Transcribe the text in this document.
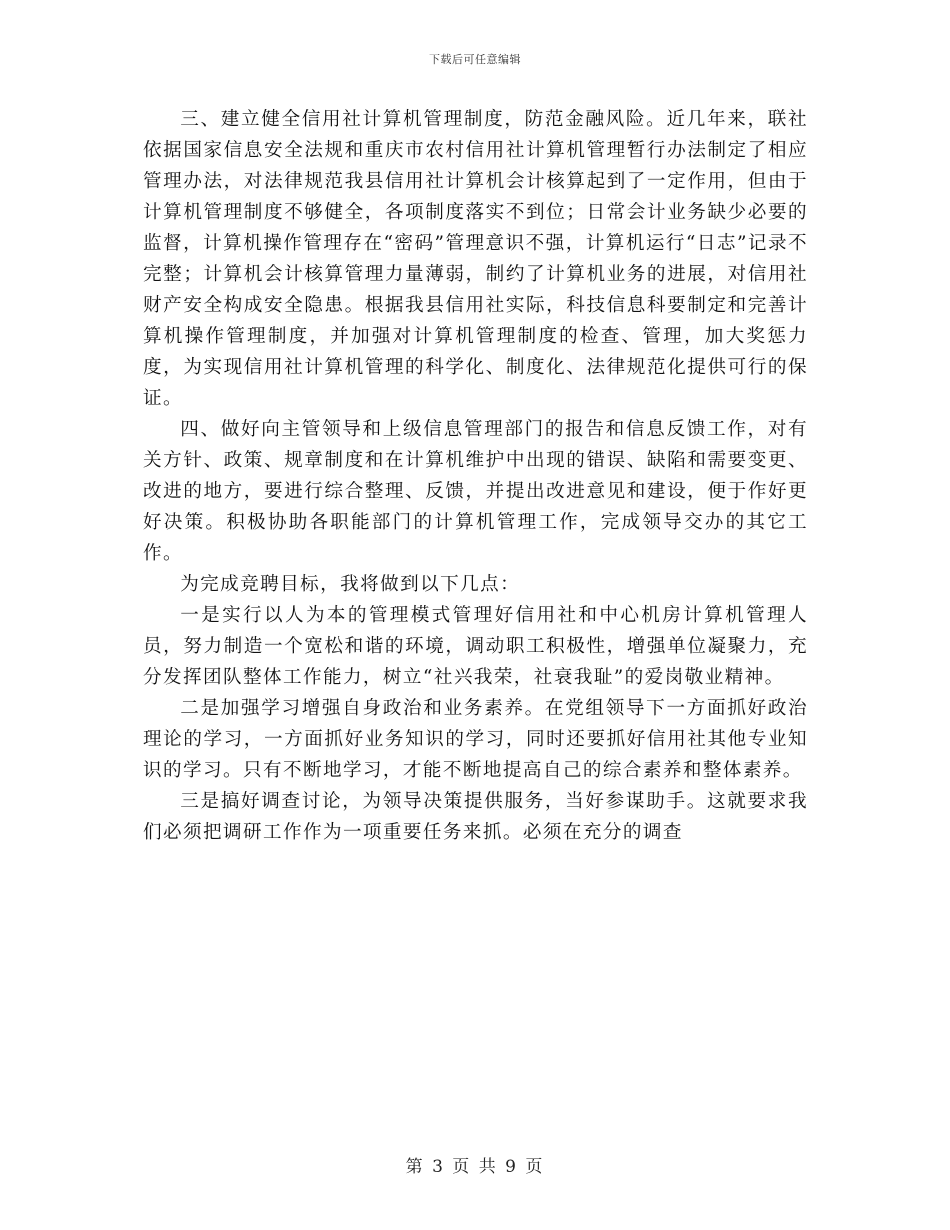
下载后可任意编辑

三、建立健全信用社计算机管理制度，防范金融风险。近几年来，联社依据国家信息安全法规和重庆市农村信用社计算机管理暂行办法制定了相应管理办法，对法律规范我县信用社计算机会计核算起到了一定作用，但由于计算机管理制度不够健全，各项制度落实不到位；日常会计业务缺少必要的监督，计算机操作管理存在“密码”管理意识不强，计算机运行“日志”记录不完整；计算机会计核算管理力量薄弱，制约了计算机业务的进展，对信用社财产安全构成安全隐患。根据我县信用社实际，科技信息科要制定和完善计算机操作管理制度，并加强对计算机管理制度的检查、管理，加大奖惩力度，为实现信用社计算机管理的科学化、制度化、法律规范化提供可行的保证。

四、做好向主管领导和上级信息管理部门的报告和信息反馈工作，对有关方针、政策、规章制度和在计算机维护中出现的错误、缺陷和需要变更、改进的地方，要进行综合整理、反馈，并提出改进意见和建设，便于作好更好决策。积极协助各职能部门的计算机管理工作，完成领导交办的其它工作。

为完成竞聘目标，我将做到以下几点：

一是实行以人为本的管理模式管理好信用社和中心机房计算机管理人员，努力制造一个宽松和谐的环境，调动职工积极性，增强单位凝聚力，充分发挥团队整体工作能力，树立“社兴我荣，社衰我耻”的爱岗敬业精神。

二是加强学习增强自身政治和业务素养。在党组领导下一方面抓好政治理论的学习，一方面抓好业务知识的学习，同时还要抓好信用社其他专业知识的学习。只有不断地学习，才能不断地提高自己的综合素养和整体素养。

三是搞好调查讨论，为领导决策提供服务，当好参谋助手。这就要求我们必须把调研工作作为一项重要任务来抓。必须在充分的调查

第 3 页 共 9 页
